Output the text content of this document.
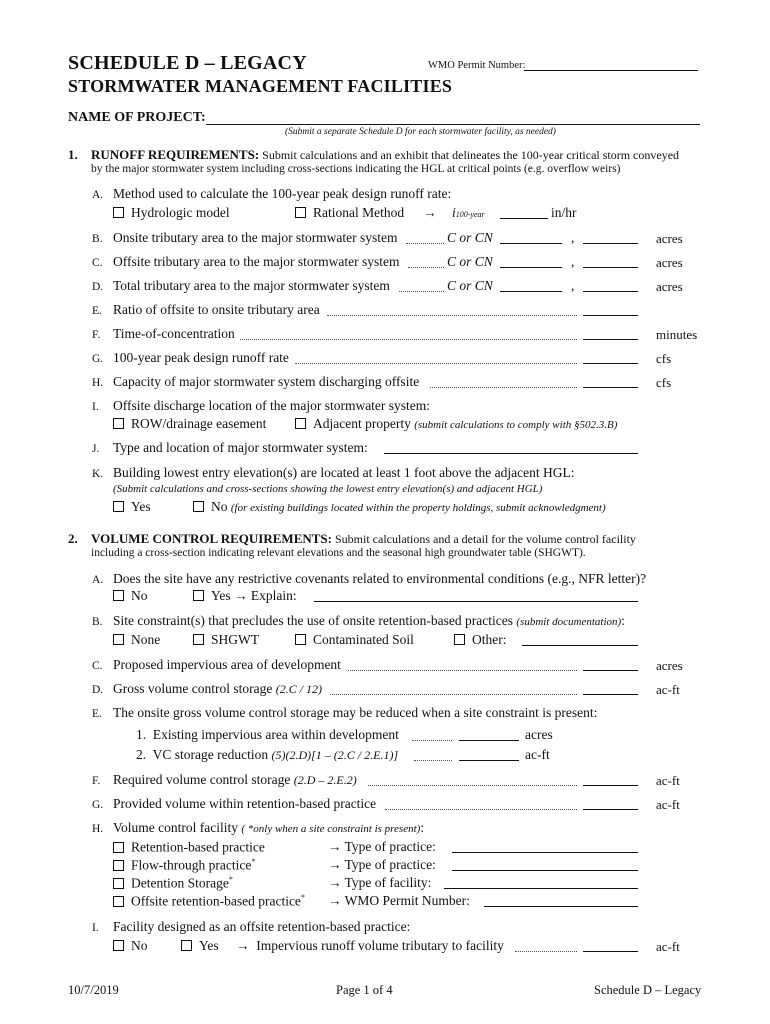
SCHEDULE D – LEGACY	WMO Permit Number:
STORMWATER MANAGEMENT FACILITIES
NAME OF PROJECT:
(Submit a separate Schedule D for each stormwater facility, as needed)
1. RUNOFF REQUIREMENTS: Submit calculations and an exhibit that delineates the 100-year critical storm conveyed
by the major stormwater system including cross-sections indicating the HGL at critical points (e.g. overflow weirs)
A. Method used to calculate the 100-year peak design runoff rate:
Hydrologic model	Rational Method → i100-year	in/hr
B. Onsite tributary area to the major stormwater system	C or CN	,	acres
C. Offsite tributary area to the major stormwater system	C or CN	,	acres
D. Total tributary area to the major stormwater system	C or CN	,	acres
E. Ratio of offsite to onsite tributary area
F. Time-of-concentration	minutes
G. 100-year peak design runoff rate	cfs
H. Capacity of major stormwater system discharging offsite	cfs
I. Offsite discharge location of the major stormwater system:
ROW/drainage easement	Adjacent property (submit calculations to comply with §502.3.B)
J. Type and location of major stormwater system:
K. Building lowest entry elevation(s) are located at least 1 foot above the adjacent HGL:
(Submit calculations and cross-sections showing the lowest entry elevation(s) and adjacent HGL)
Yes	No (for existing buildings located within the property holdings, submit acknowledgment)
2. VOLUME CONTROL REQUIREMENTS: Submit calculations and a detail for the volume control facility
including a cross-section indicating relevant elevations and the seasonal high groundwater table (SHGWT).
A. Does the site have any restrictive covenants related to environmental conditions (e.g., NFR letter)?
No	Yes → Explain:
B. Site constraint(s) that precludes the use of onsite retention-based practices (submit documentation):
None	SHGWT	Contaminated Soil	Other:
C. Proposed impervious area of development	acres
D. Gross volume control storage (2.C / 12)	ac-ft
E. The onsite gross volume control storage may be reduced when a site constraint is present:
1. Existing impervious area within development	acres
2. VC storage reduction (5)(2.D)[1 – (2.C / 2.E.1)]	ac-ft
F. Required volume control storage (2.D – 2.E.2)	ac-ft
G. Provided volume within retention-based practice	ac-ft
H. Volume control facility ( *only when a site constraint is present):
Retention-based practice	→ Type of practice:
Flow-through practice*	→ Type of practice:
Detention Storage*	→ Type of facility:
Offsite retention-based practice* → WMO Permit Number:
I. Facility designed as an offsite retention-based practice:
No	Yes → Impervious runoff volume tributary to facility	ac-ft
10/7/2019	Page 1 of 4	Schedule D – Legacy
